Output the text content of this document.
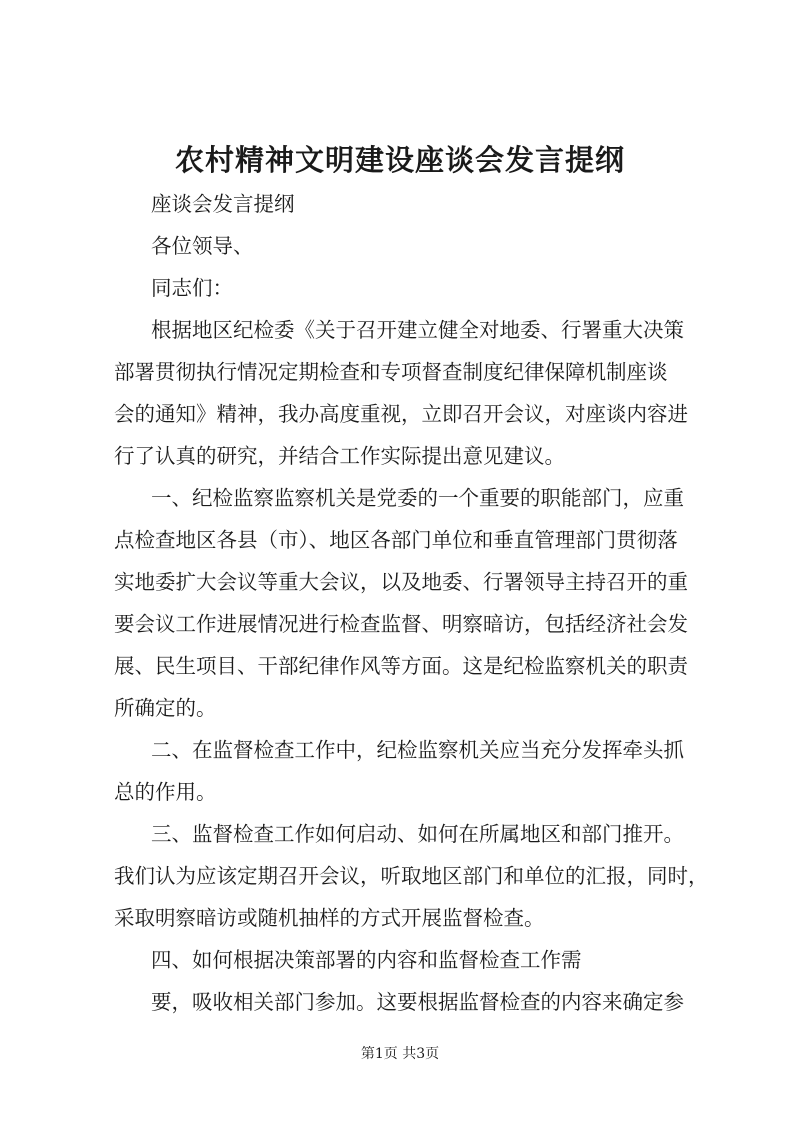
农村精神文明建设座谈会发言提纲
座谈会发言提纲
各位领导、
同志们：
根据地区纪检委《关于召开建立健全对地委、行署重大决策
部署贯彻执行情况定期检查和专项督查制度纪律保障机制座谈
会的通知》精神，我办高度重视，立即召开会议，对座谈内容进
行了认真的研究，并结合工作实际提出意见建议。
一、纪检监察监察机关是党委的一个重要的职能部门，应重
点检查地区各县（市）、地区各部门单位和垂直管理部门贯彻落
实地委扩大会议等重大会议，以及地委、行署领导主持召开的重
要会议工作进展情况进行检查监督、明察暗访，包括经济社会发
展、民生项目、干部纪律作风等方面。这是纪检监察机关的职责
所确定的。
二、在监督检查工作中，纪检监察机关应当充分发挥牵头抓
总的作用。
三、监督检查工作如何启动、如何在所属地区和部门推开。
我们认为应该定期召开会议，听取地区部门和单位的汇报，同时，
采取明察暗访或随机抽样的方式开展监督检查。
四、如何根据决策部署的内容和监督检查工作需
要，吸收相关部门参加。这要根据监督检查的内容来确定参
第1页 共3页
